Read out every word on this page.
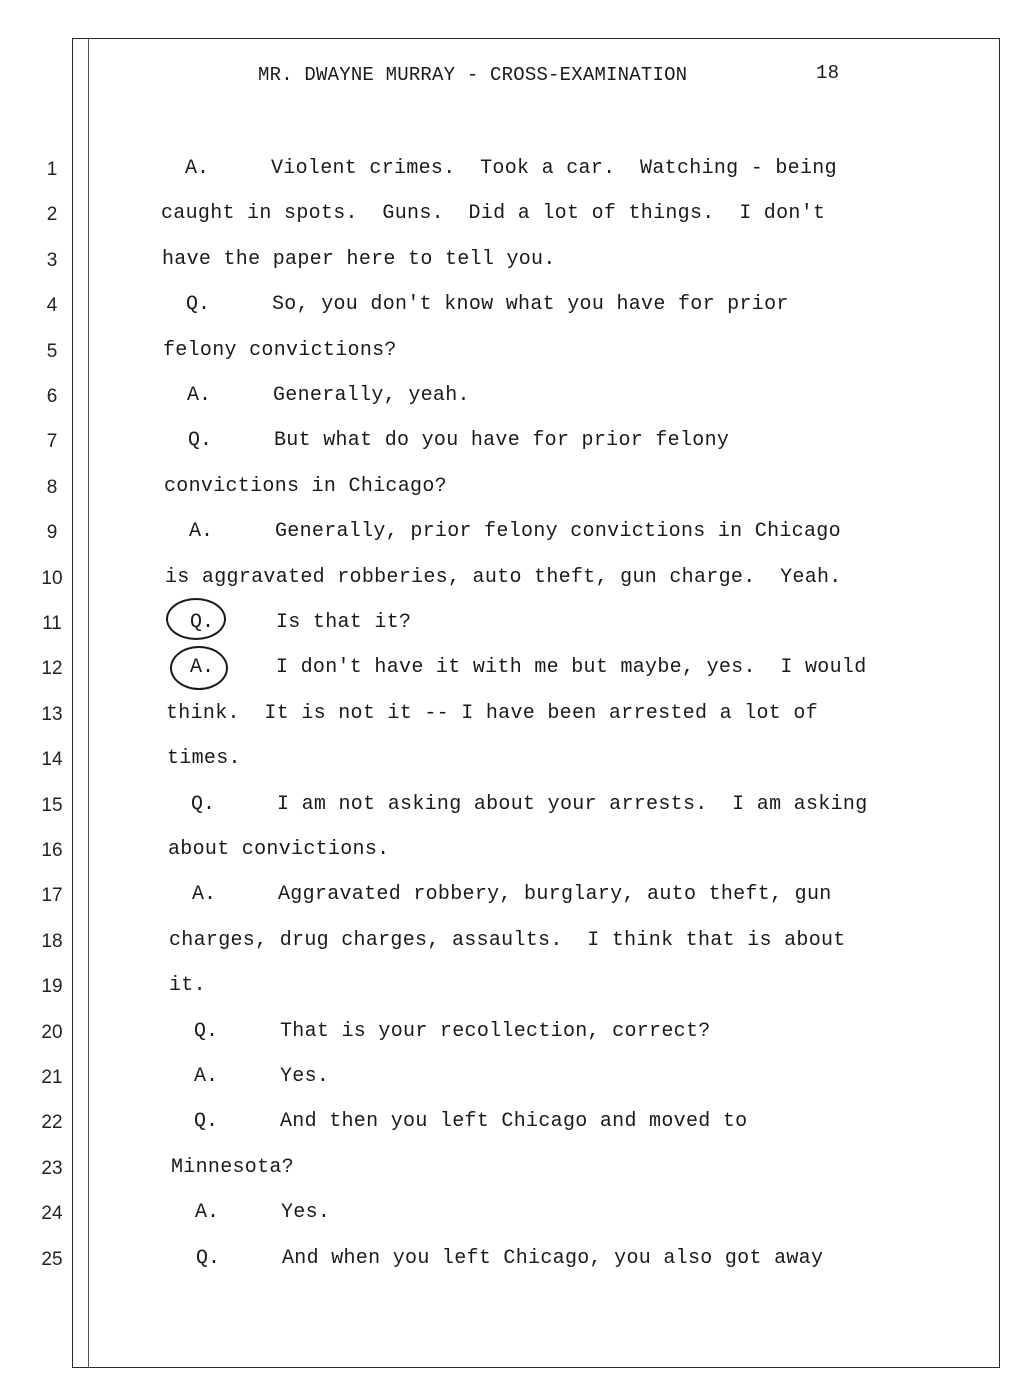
MR. DWAYNE MURRAY - CROSS-EXAMINATION	18
1	A.	Violent crimes.  Took a car.  Watching - being
2	caught in spots.  Guns.  Did a lot of things.  I don't
3	have the paper here to tell you.
4	Q.	So, you don't know what you have for prior
5	felony convictions?
6	A.	Generally, yeah.
7	Q.	But what do you have for prior felony
8	convictions in Chicago?
9	A.	Generally, prior felony convictions in Chicago
10	is aggravated robberies, auto theft, gun charge.  Yeah.
11	Q.	Is that it?
12	A.	I don't have it with me but maybe, yes.  I would
13	think.  It is not it -- I have been arrested a lot of
14	times.
15	Q.	I am not asking about your arrests.  I am asking
16	about convictions.
17	A.	Aggravated robbery, burglary, auto theft, gun
18	charges, drug charges, assaults.  I think that is about
19	it.
20	Q.	That is your recollection, correct?
21	A.	Yes.
22	Q.	And then you left Chicago and moved to
23	Minnesota?
24	A.	Yes.
25	Q.	And when you left Chicago, you also got away
